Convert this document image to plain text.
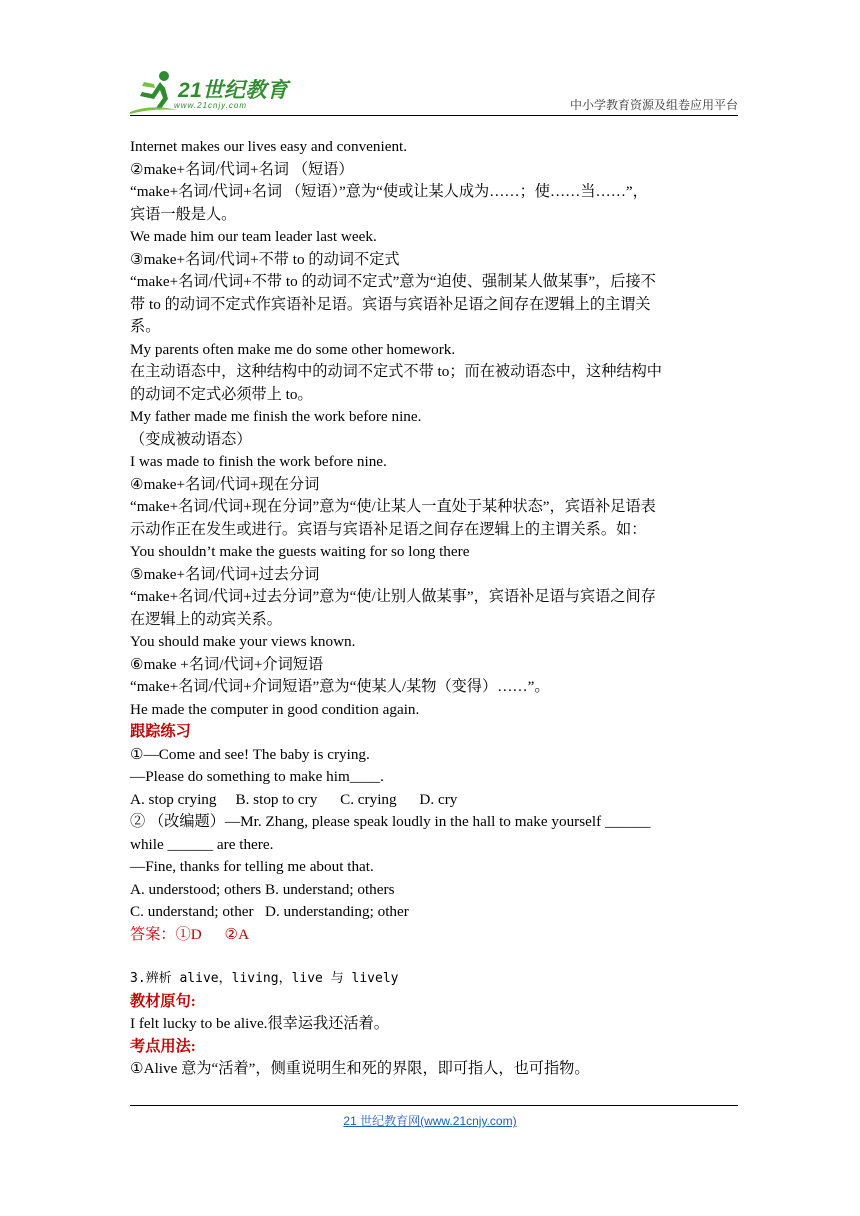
21世纪教育
www.21cnjy.com	中小学教育资源及组卷应用平台
Internet makes our lives easy and convenient.
②make+名词/代词+名词 （短语）
“make+名词/代词+名词 （短语）”意为“使或让某人成为……；使……当……”，
宾语一般是人。
We made him our team leader last week.
③make+名词/代词+不带 to 的动词不定式
“make+名词/代词+不带 to 的动词不定式”意为“迫使、强制某人做某事”，后接不
带 to 的动词不定式作宾语补足语。宾语与宾语补足语之间存在逻辑上的主谓关
系。
My parents often make me do some other homework.
在主动语态中，这种结构中的动词不定式不带 to；而在被动语态中，这种结构中
的动词不定式必须带上 to。
My father made me finish the work before nine.
（变成被动语态）
I was made to finish the work before nine.
④make+名词/代词+现在分词
“make+名词/代词+现在分词”意为“使/让某人一直处于某种状态”，宾语补足语表
示动作正在发生或进行。宾语与宾语补足语之间存在逻辑上的主谓关系。如：
You shouldn’t make the guests waiting for so long there
⑤make+名词/代词+过去分词
“make+名词/代词+过去分词”意为“使/让别人做某事”，宾语补足语与宾语之间存
在逻辑上的动宾关系。
You should make your views known.
⑥make +名词/代词+介词短语
“make+名词/代词+介词短语”意为“使某人/某物（变得）……”。
He made the computer in good condition again.
跟踪练习
①—Come and see! The baby is crying.
—Please do something to make him____.
A. stop crying     B. stop to cry      C. crying      D. cry
② （改编题）—Mr. Zhang, please speak loudly in the hall to make yourself ______
while ______ are there.
—Fine, thanks for telling me about that.
A. understood; others B. understand; others
C. understand; other   D. understanding; other
答案：①D      ②A
3.辨析 alive，living，live 与 lively
教材原句:
I felt lucky to be alive.很幸运我还活着。
考点用法:
①Alive 意为“活着”，侧重说明生和死的界限，即可指人，也可指物。
21 世纪教育网(www.21cnjy.com)
